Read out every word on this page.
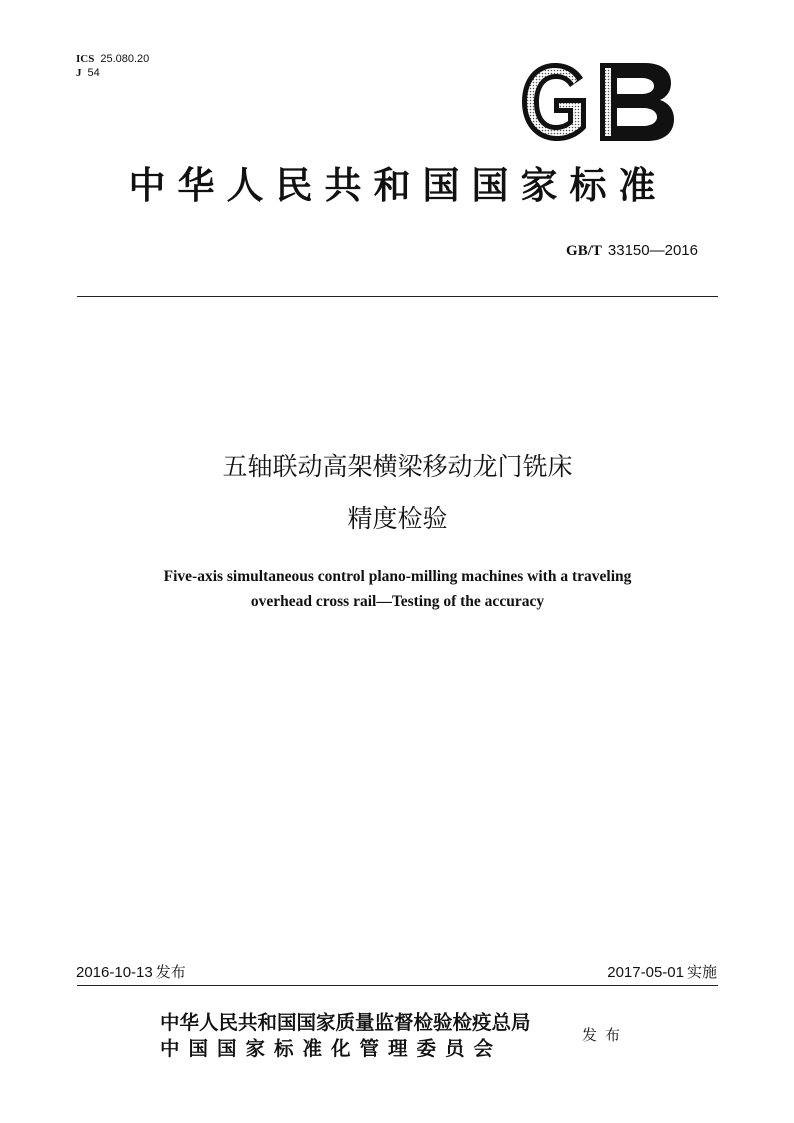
ICS 25.080.20
J 54
中华人民共和国国家标准
GB/T 33150—2016
五轴联动高架横梁移动龙门铣床
精度检验
Five-axis simultaneous control plano-milling machines with a traveling
overhead cross rail—Testing of the accuracy
2016-10-13 发布	2017-05-01 实施
中华人民共和国国家质量监督检验检疫总局
中国国家标准化管理委员会
发布
